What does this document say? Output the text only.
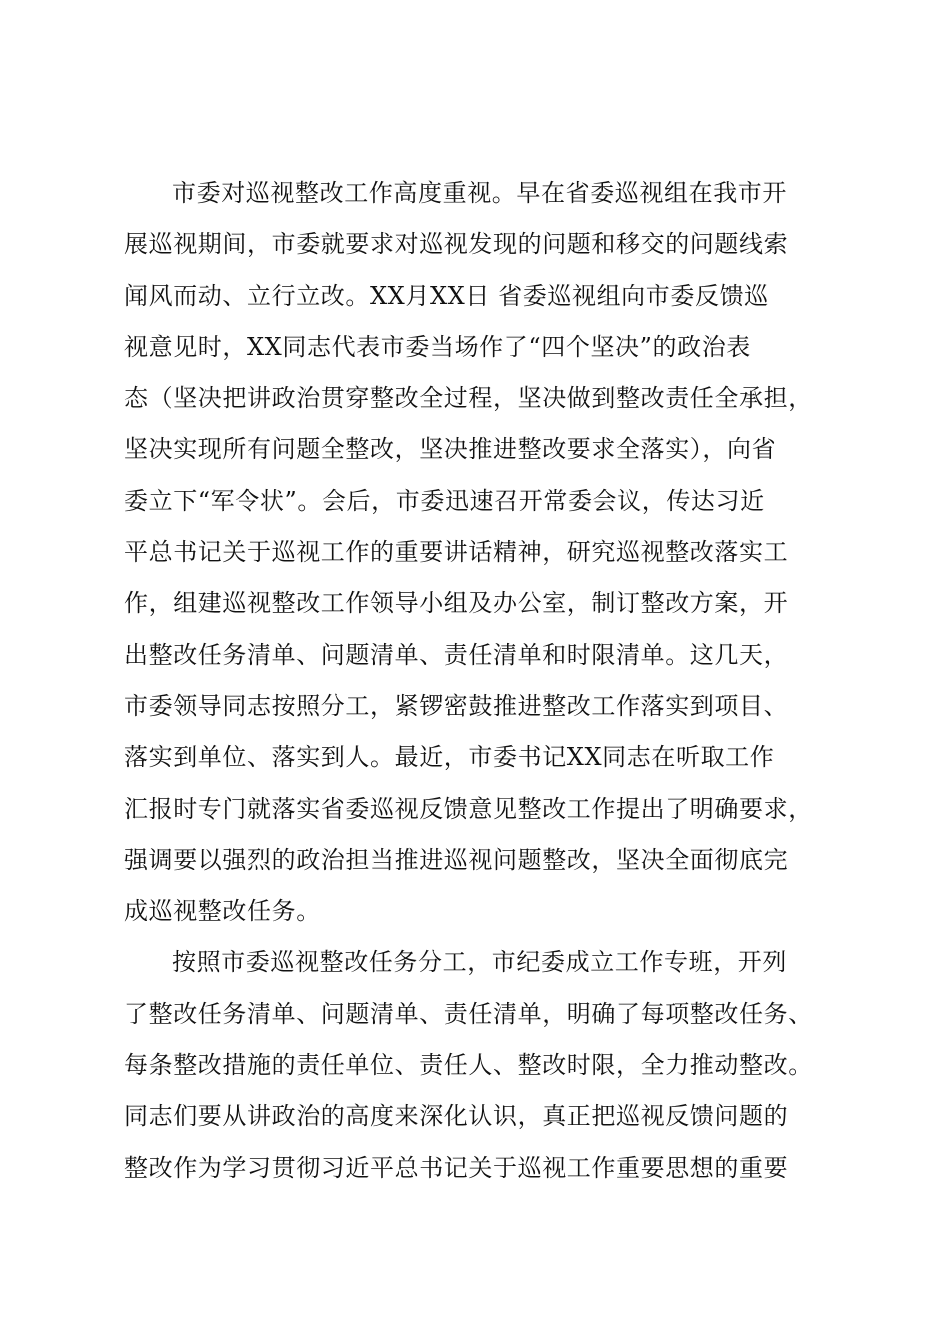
市委对巡视整改工作高度重视。早在省委巡视组在我市开
展巡视期间，市委就要求对巡视发现的问题和移交的问题线索
闻风而动、立行立改。XX月XX日 省委巡视组向市委反馈巡
视意见时，XX同志代表市委当场作了“四个坚决”的政治表
态（坚决把讲政治贯穿整改全过程，坚决做到整改责任全承担，
坚决实现所有问题全整改，坚决推进整改要求全落实），向省
委立下“军令状”。会后，市委迅速召开常委会议，传达习近
平总书记关于巡视工作的重要讲话精神，研究巡视整改落实工
作，组建巡视整改工作领导小组及办公室，制订整改方案，开
出整改任务清单、问题清单、责任清单和时限清单。这几天，
市委领导同志按照分工，紧锣密鼓推进整改工作落实到项目、
落实到单位、落实到人。最近，市委书记XX同志在听取工作
汇报时专门就落实省委巡视反馈意见整改工作提出了明确要求，
强调要以强烈的政治担当推进巡视问题整改，坚决全面彻底完
成巡视整改任务。
按照市委巡视整改任务分工，市纪委成立工作专班，开列
了整改任务清单、问题清单、责任清单，明确了每项整改任务、
每条整改措施的责任单位、责任人、整改时限，全力推动整改。
同志们要从讲政治的高度来深化认识，真正把巡视反馈问题的
整改作为学习贯彻习近平总书记关于巡视工作重要思想的重要
